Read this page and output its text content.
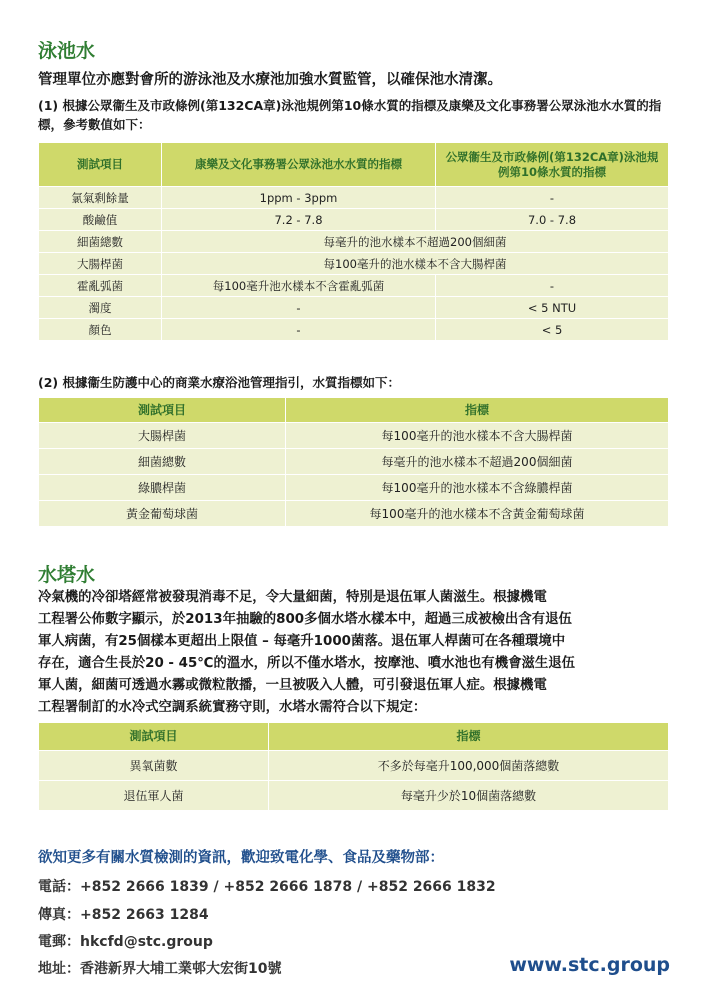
泳池水
管理單位亦應對會所的游泳池及水療池加強水質監管，以確保池水清潔。
(1) 根據公眾衞生及市政條例(第132CA章)泳池規例第10條水質的指標及康樂及文化事務署公眾泳池水水質的指標，參考數值如下：
測試項目	康樂及文化事務署公眾泳池水水質的指標	公眾衞生及市政條例(第132CA章)泳池規例第10條水質的指標
氯氣剩餘量	1ppm - 3ppm	-
酸鹼值	7.2 - 7.8	7.0 - 7.8
細菌總數	每毫升的池水樣本不超過200個細菌	
大腸桿菌	每100毫升的池水樣本不含大腸桿菌	
霍亂弧菌	每100毫升池水樣本不含霍亂弧菌	-
濁度	-	< 5 NTU
顏色	-	< 5
(2) 根據衞生防護中心的商業水療浴池管理指引，水質指標如下：
測試項目	指標
大腸桿菌	每100毫升的池水樣本不含大腸桿菌
細菌總數	每毫升的池水樣本不超過200個細菌
綠膿桿菌	每100毫升的池水樣本不含綠膿桿菌
黃金葡萄球菌	每100毫升的池水樣本不含黃金葡萄球菌
水塔水
冷氣機的冷卻塔經常被發現消毒不足，令大量細菌，特別是退伍軍人菌滋生。根據機電
工程署公佈數字顯示，於2013年抽驗的800多個水塔水樣本中，超過三成被檢出含有退伍
軍人病菌，有25個樣本更超出上限值 – 每毫升1000菌落。退伍軍人桿菌可在各種環境中
存在，適合生長於20 - 45℃的溫水，所以不僅水塔水，按摩池、噴水池也有機會滋生退伍
軍人菌，細菌可透過水霧或微粒散播，一旦被吸入人體，可引發退伍軍人症。根據機電
工程署制訂的水冷式空調系統實務守則，水塔水需符合以下規定：
測試項目	指標
異氧菌數	不多於每毫升100,000個菌落總數
退伍軍人菌	每毫升少於10個菌落總數
欲知更多有關水質檢測的資訊，歡迎致電化學、食品及藥物部：
電話：+852 2666 1839 / +852 2666 1878 / +852 2666 1832
傳真：+852 2663 1284
電郵：hkcfd@stc.group
地址：香港新界大埔工業邨大宏街10號	www.stc.group
